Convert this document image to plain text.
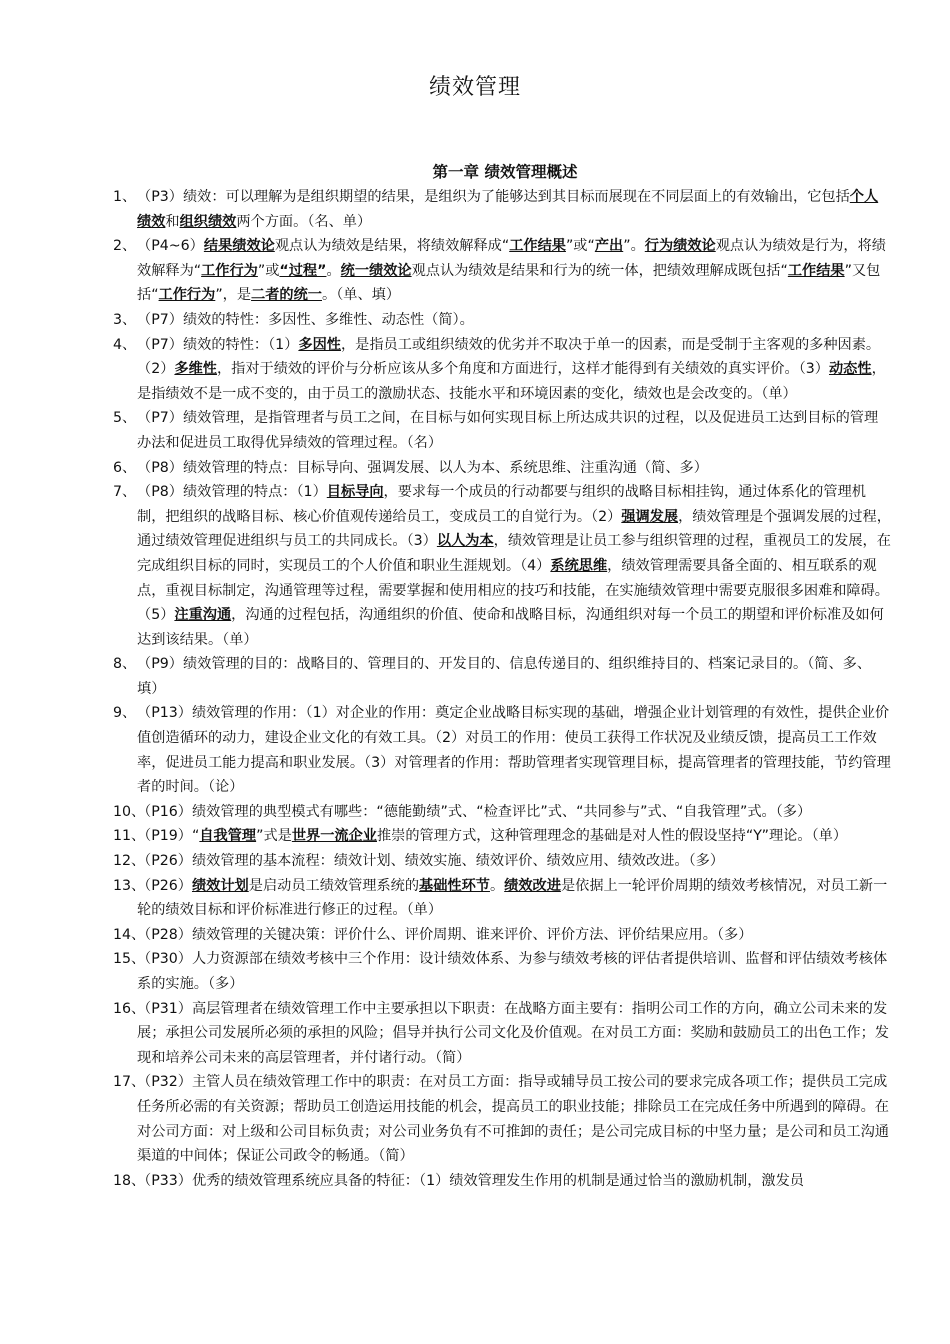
绩效管理
第一章 绩效管理概述
1、 （P3）绩效：可以理解为是组织期望的结果，是组织为了能够达到其目标而展现在不同层面上的有效输出，它包括个人绩效和组织绩效两个方面。（名、单）
2、 （P4~6）结果绩效论观点认为绩效是结果，将绩效解释成“工作结果”或“产出”。行为绩效论观点认为绩效是行为，将绩效解释为“工作行为”或“过程”。统一绩效论观点认为绩效是结果和行为的统一体，把绩效理解成既包括“工作结果”又包括“工作行为”，是二者的统一。（单、填）
3、 （P7）绩效的特性：多因性、多维性、动态性（简）。
4、 （P7）绩效的特性：（1）多因性，是指员工或组织绩效的优劣并不取决于单一的因素，而是受制于主客观的多种因素。（2）多维性，指对于绩效的评价与分析应该从多个角度和方面进行，这样才能得到有关绩效的真实评价。（3）动态性，是指绩效不是一成不变的，由于员工的激励状态、技能水平和环境因素的变化，绩效也是会改变的。（单）
5、 （P7）绩效管理，是指管理者与员工之间，在目标与如何实现目标上所达成共识的过程，以及促进员工达到目标的管理办法和促进员工取得优异绩效的管理过程。（名）
6、 （P8）绩效管理的特点：目标导向、强调发展、以人为本、系统思维、注重沟通（简、多）
7、 （P8）绩效管理的特点：（1）目标导向，要求每一个成员的行动都要与组织的战略目标相挂钩，通过体系化的管理机制，把组织的战略目标、核心价值观传递给员工，变成员工的自觉行为。（2）强调发展，绩效管理是个强调发展的过程，通过绩效管理促进组织与员工的共同成长。（3）以人为本，绩效管理是让员工参与组织管理的过程，重视员工的发展，在完成组织目标的同时，实现员工的个人价值和职业生涯规划。（4）系统思维，绩效管理需要具备全面的、相互联系的观点，重视目标制定，沟通管理等过程，需要掌握和使用相应的技巧和技能，在实施绩效管理中需要克服很多困难和障碍。（5）注重沟通，沟通的过程包括，沟通组织的价值、使命和战略目标，沟通组织对每一个员工的期望和评价标准及如何达到该结果。（单）
8、 （P9）绩效管理的目的：战略目的、管理目的、开发目的、信息传递目的、组织维持目的、档案记录目的。（简、多、填）
9、 （P13）绩效管理的作用：（1）对企业的作用：奠定企业战略目标实现的基础，增强企业计划管理的有效性，提供企业价值创造循环的动力，建设企业文化的有效工具。（2）对员工的作用：使员工获得工作状况及业绩反馈，提高员工工作效率，促进员工能力提高和职业发展。（3）对管理者的作用：帮助管理者实现管理目标，提高管理者的管理技能，节约管理者的时间。（论）
10、
（P16）绩效管理的典型模式有哪些：“德能勤绩”式、“检查评比”式、“共同参与”式、“自我管理”式。（多）
11、
（P19）“自我管理”式是世界一流企业推崇的管理方式，这种管理理念的基础是对人性的假设坚持“Y”理论。（单）
12、
（P26）绩效管理的基本流程：绩效计划、绩效实施、绩效评价、绩效应用、绩效改进。（多）
13、
（P26）绩效计划是启动员工绩效管理系统的基础性环节。绩效改进是依据上一轮评价周期的绩效考核情况，对员工新一轮的绩效目标和评价标准进行修正的过程。（单）
14、
（P28）绩效管理的关键决策：评价什么、评价周期、谁来评价、评价方法、评价结果应用。（多）
15、
（P30）人力资源部在绩效考核中三个作用：设计绩效体系、为参与绩效考核的评估者提供培训、监督和评估绩效考核体系的实施。（多）
16、
（P31）高层管理者在绩效管理工作中主要承担以下职责：在战略方面主要有：指明公司工作的方向，确立公司未来的发展；承担公司发展所必须的承担的风险；倡导并执行公司文化及价值观。在对员工方面：奖励和鼓励员工的出色工作；发现和培养公司未来的高层管理者，并付诸行动。（简）
17、
（P32）主管人员在绩效管理工作中的职责：在对员工方面：指导或辅导员工按公司的要求完成各项工作；提供员工完成任务所必需的有关资源；帮助员工创造运用技能的机会，提高员工的职业技能；排除员工在完成任务中所遇到的障碍。在对公司方面：对上级和公司目标负责；对公司业务负有不可推卸的责任；是公司完成目标的中坚力量；是公司和员工沟通渠道的中间体；保证公司政令的畅通。（简）
18、
（P33）优秀的绩效管理系统应具备的特征：（1）绩效管理发生作用的机制是通过恰当的激励机制，激发员
